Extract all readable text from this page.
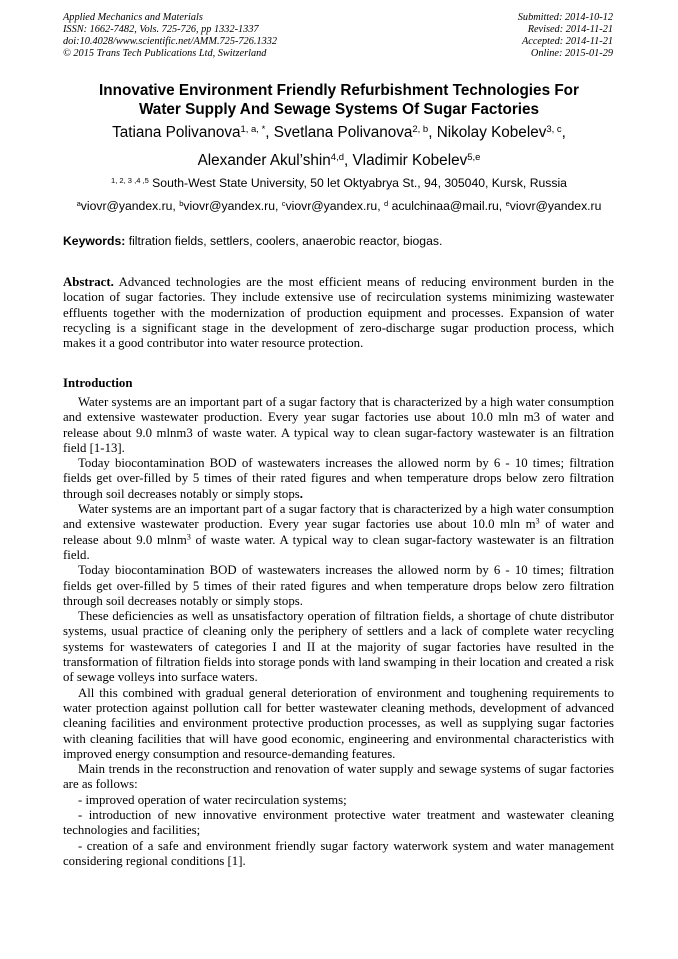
Applied Mechanics and Materials
ISSN: 1662-7482, Vols. 725-726, pp 1332-1337
doi:10.4028/www.scientific.net/AMM.725-726.1332
© 2015 Trans Tech Publications Ltd, Switzerland
Submitted: 2014-10-12
Revised: 2014-11-21
Accepted: 2014-11-21
Online: 2015-01-29
Innovative Environment Friendly Refurbishment Technologies For
Water Supply And Sewage Systems Of Sugar Factories
Tatiana Polivanova$^{1, a, *}$, Svetlana Polivanova$^{2, b}$, Nikolay Kobelev$^{3, c}$,
Alexander Akul’shin$^{4,d}$, Vladimir Kobelev$^{5,e}$
$^{1, 2, 3 ,4 ,5}$ South-West State University, 50 let Oktyabrya St., 94, 305040, Kursk, Russia
$^a$viovr@yandex.ru, $^b$viovr@yandex.ru, $^c$viovr@yandex.ru, $^d$ aculchinaa@mail.ru, $^e$viovr@yandex.ru
Keywords: filtration fields, settlers, coolers, anaerobic reactor, biogas.

Abstract. Advanced technologies are the most efficient means of reducing environment burden in the location of sugar factories. They include extensive use of recirculation systems minimizing wastewater effluents together with the modernization of production equipment and processes. Expansion of water recycling is a significant stage in the development of zero-discharge sugar production process, which makes it a good contributor into water resource protection.

Introduction

Water systems are an important part of a sugar factory that is characterized by a high water consumption and extensive wastewater production. Every year sugar factories use about 10.0 mln m3 of water and release about 9.0 mlnm3 of waste water. A typical way to clean sugar-factory wastewater is an filtration field [1-13].

Today biocontamination BOD of wastewaters increases the allowed norm by 6 - 10 times; filtration fields get over-filled by 5 times of their rated figures and when temperature drops below zero filtration through soil decreases notably or simply stops.

Water systems are an important part of a sugar factory that is characterized by a high water consumption and extensive wastewater production. Every year sugar factories use about 10.0 mln $m^3$ of water and release about 9.0 mlnm$^3$ of waste water. A typical way to clean sugar-factory wastewater is an filtration field.

Today biocontamination BOD of wastewaters increases the allowed norm by 6 - 10 times; filtration fields get over-filled by 5 times of their rated figures and when temperature drops below zero filtration through soil decreases notably or simply stops.

These deficiencies as well as unsatisfactory operation of filtration fields, a shortage of chute distributor systems, usual practice of cleaning only the periphery of settlers and a lack of complete water recycling systems for wastewaters of categories I and II at the majority of sugar factories have resulted in the transformation of filtration fields into storage ponds with land swamping in their location and created a risk of sewage volleys into surface waters.

All this combined with gradual general deterioration of environment and toughening requirements to water protection against pollution call for better wastewater cleaning methods, development of advanced cleaning facilities and environment protective production processes, as well as supplying sugar factories with cleaning facilities that will have good economic, engineering and environmental characteristics with improved energy consumption and resource-demanding features.

Main trends in the reconstruction and renovation of water supply and sewage systems of sugar factories are as follows:

- improved operation of water recirculation systems;

- introduction of new innovative environment protective water treatment and wastewater cleaning technologies and facilities;

- creation of a safe and environment friendly sugar factory waterwork system and water management considering regional conditions [1].
